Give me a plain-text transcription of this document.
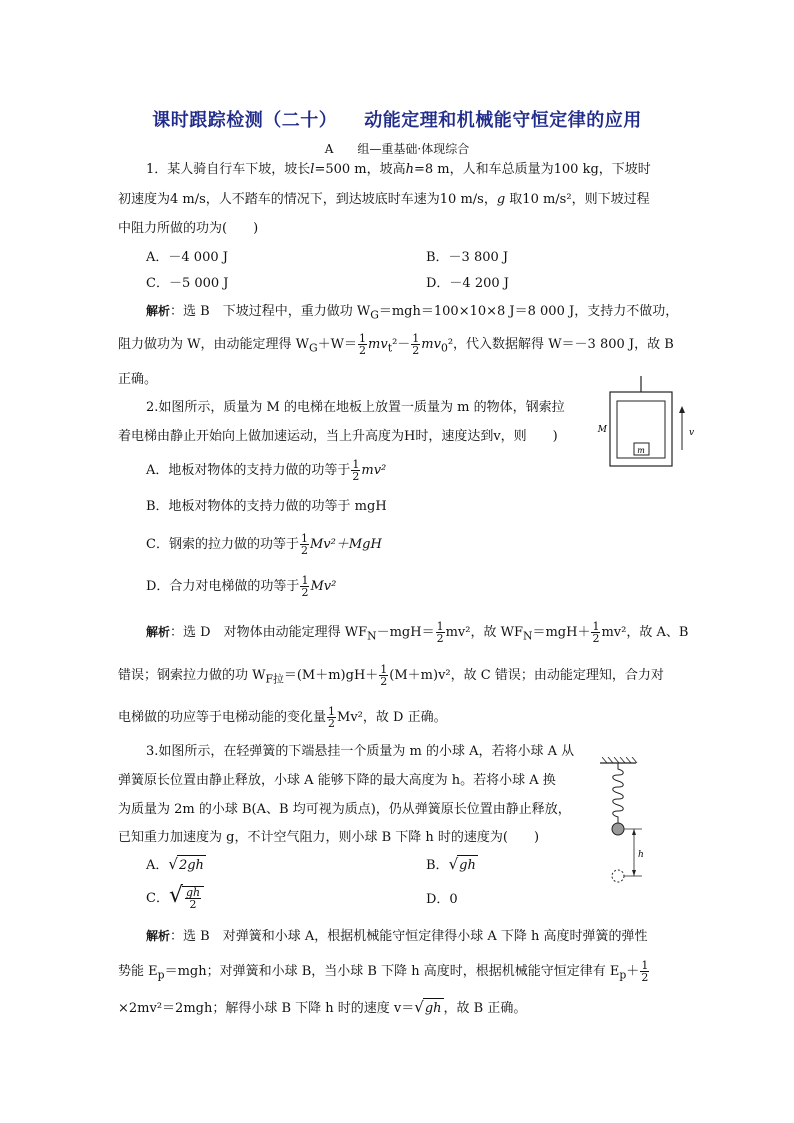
课时跟踪检测（二十）    动能定理和机械能守恒定律的应用
A　　组—重基础·体现综合
1．某人骑自行车下坡，坡长l=500 m，坡高h=8 m，人和车总质量为100 kg，下坡时
初速度为4 m/s，人不踏车的情况下，到达坡底时车速为10 m/s，g 取10 m/s²，则下坡过程
中阻力所做的功为(　　)
A．－4 000 J	B．－3 800 J
C．－5 000 J	D．－4 200 J
解析：选 B　下坡过程中，重力做功 $W_G=mgh=100\times 10\times 8$ J＝8 000 J，支持力不做功，
阻力做功为 W，由动能定理得 $W_G+W= \frac{1}{2} mv_t^2- \frac{1}{2} mv_0^2$，代入数据解得 W＝－3 800 J，故 B
正确。
2.如图所示，质量为 M 的电梯在地板上放置一质量为 m 的物体，钢索拉
着电梯由静止开始向上做加速运动，当上升高度为H时，速度达到v，则　　)
A．地板对物体的支持力做的功等于 $\frac{1}{2} mv^2$
B．地板对物体的支持力做的功等于 mgH
C．钢索的拉力做的功等于 $\frac{1}{2} Mv^2+MgH$
D．合力对电梯做的功等于 $\frac{1}{2} Mv^2$
解析：选 D　对物体由动能定理得 $WF_N-mgH= \frac{1}{2} mv^2$，故 $WF_N=mgH+ \frac{1}{2} mv^2$，故 A、B
错误；钢索拉力做的功 $W_{F拉}=(M+m)gH+ \frac{1}{2} (M+m)v^2$，故 C 错误；由动能定理知，合力对
电梯做的功应等于电梯动能的变化量 $\frac{1}{2} Mv^2$，故 D 正确。
m
M	v
3.如图所示，在轻弹簧的下端悬挂一个质量为 m 的小球 A，若将小球 A 从
弹簧原长位置由静止释放，小球 A 能够下降的最大高度为 h。若将小球 A 换
为质量为 2m 的小球 B(A、B 均可视为质点)，仍从弹簧原长位置由静止释放，
已知重力加速度为 g，不计空气阻力，则小球 B 下降 h 时的速度为(　　)
A．√2gh	B．√gh
C．√ $\frac{gh}{2}$	D．0
解析：选 B　对弹簧和小球 A，根据机械能守恒定律得小球 A 下降 h 高度时弹簧的弹性
势能 $E_p=mgh$；对弹簧和小球 B，当小球 B 下降 h 高度时，根据机械能守恒定律有 $E_p+ \frac{1}{2}$
×2mv²＝2mgh；解得小球 B 下降 h 时的速度 v＝√gh ，故 B 正确。
h
